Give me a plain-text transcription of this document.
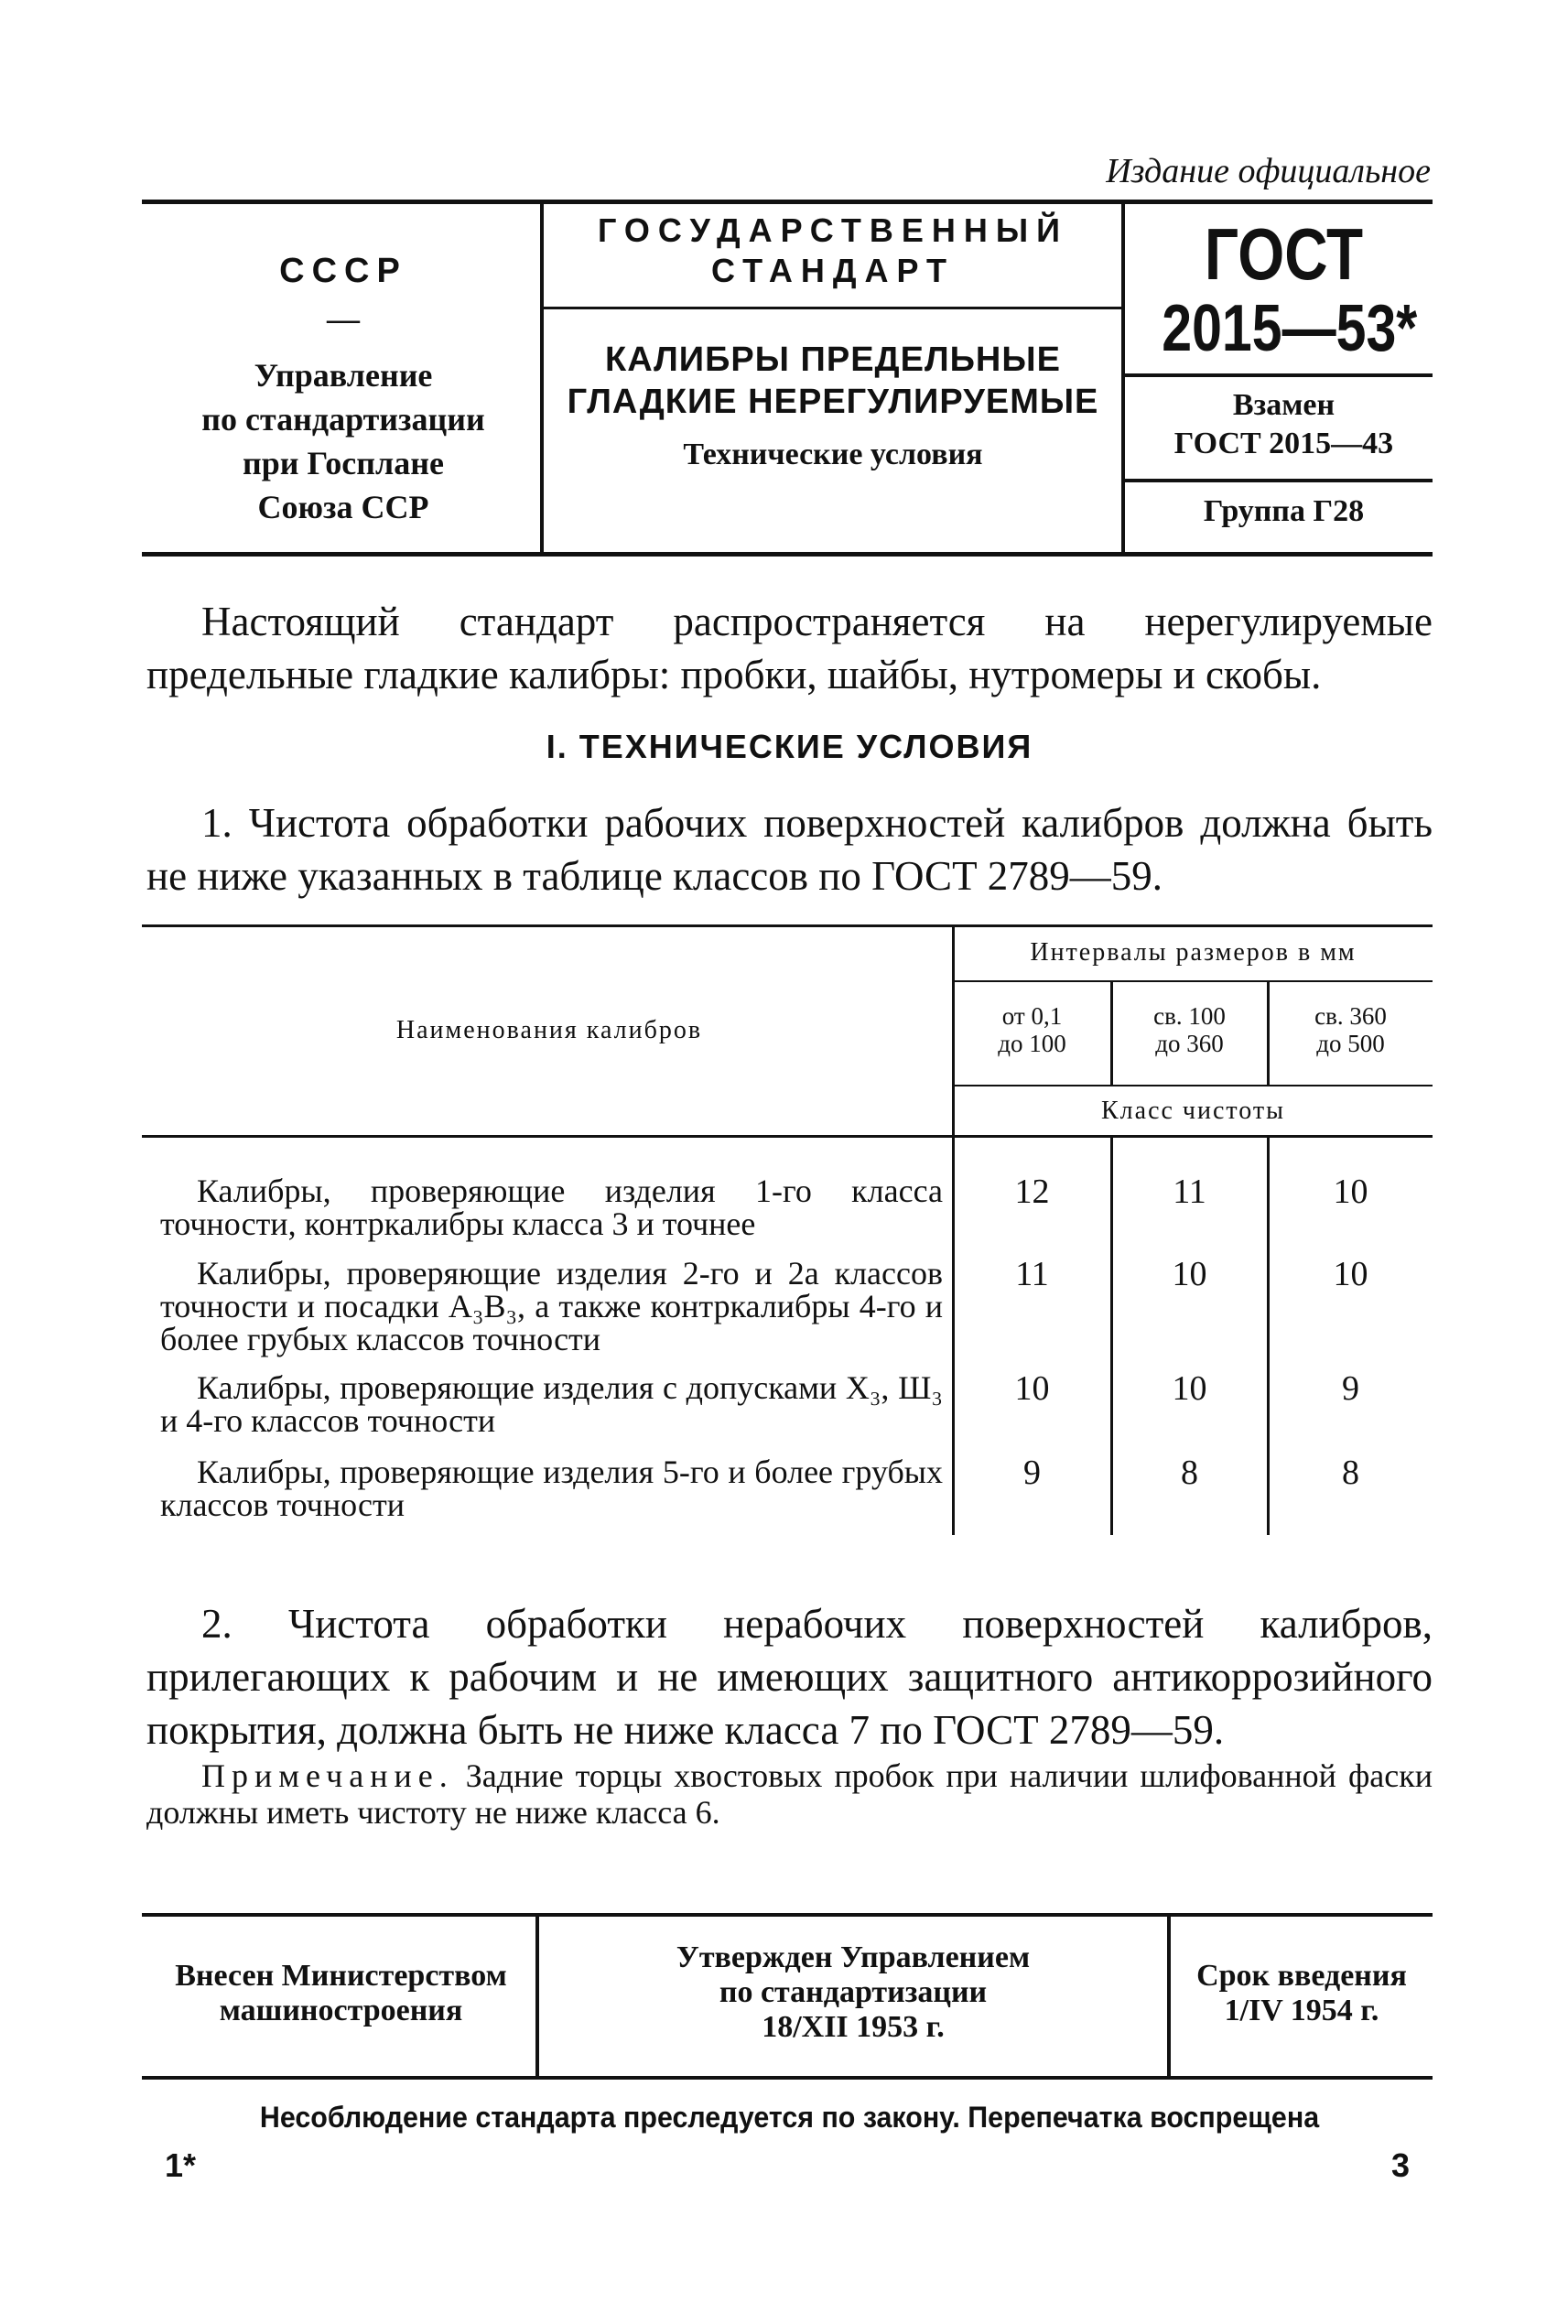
Издание официальное
СССР
—
Управление
по стандартизации
при Госплане
Союза ССР
ГОСУДАРСТВЕННЫЙ
СТАНДАРТ
КАЛИБРЫ ПРЕДЕЛЬНЫЕ
ГЛАДКИЕ НЕРЕГУЛИРУЕМЫЕ
Технические условия
ГОСТ
2015—53*
Взамен
ГОСТ 2015—43
Группа Г28
Настоящий стандарт распространяется на нерегулируемые предельные гладкие калибры: пробки, шайбы, нутромеры и скобы.
I. ТЕХНИЧЕСКИЕ УСЛОВИЯ
1. Чистота обработки рабочих поверхностей калибров должна быть не ниже указанных в таблице классов по ГОСТ 2789—59.
Наименования калибров
Интервалы размеров в мм
от 0,1
до 100
св. 100
до 360
св. 360
до 500
Класс чистоты
Калибры, проверяющие изделия 1-го класса точности, контркалибры класса 3 и точнее
12	11	10
Калибры, проверяющие изделия 2-го и 2а классов точности и посадки А₃В₃, а также контркалибры 4-го и более грубых классов точности
11	10	10
Калибры, проверяющие изделия с допусками Х₃, Ш₃ и 4-го классов точности
10	10	9
Калибры, проверяющие изделия 5-го и более грубых классов точности
9	8	8
2. Чистота обработки нерабочих поверхностей калибров, прилегающих к рабочим и не имеющих защитного антикоррозийного покрытия, должна быть не ниже класса 7 по ГОСТ 2789—59.
Примечание. Задние торцы хвостовых пробок при наличии шлифованной фаски должны иметь чистоту не ниже класса 6.
Внесен Министерством
машиностроения
Утвержден Управлением
по стандартизации
18/XII 1953 г.
Срок введения
1/IV 1954 г.
Несоблюдение стандарта преследуется по закону. Перепечатка воспрещена
1*	3
